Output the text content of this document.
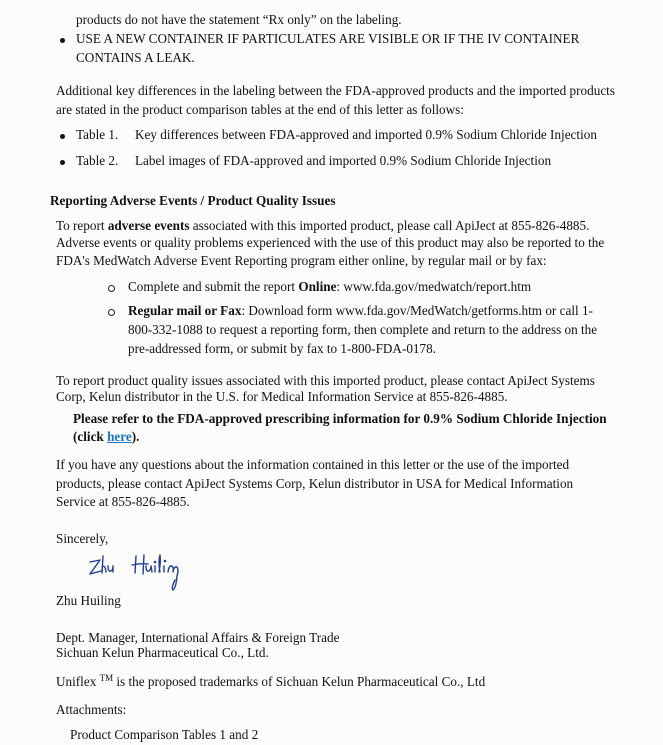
products do not have the statement “Rx only” on the labeling.
USE A NEW CONTAINER IF PARTICULATES ARE VISIBLE OR IF THE IV CONTAINER
CONTAINS A LEAK.
Additional key differences in the labeling between the FDA-approved products and the imported products
are stated in the product comparison tables at the end of this letter as follows:
Table 1. Key differences between FDA-approved and imported 0.9% Sodium Chloride Injection
Table 2. Label images of FDA-approved and imported 0.9% Sodium Chloride Injection
Reporting Adverse Events / Product Quality Issues
To report adverse events associated with this imported product, please call ApiJect at 855-826-4885.
Adverse events or quality problems experienced with the use of this product may also be reported to the
FDA's MedWatch Adverse Event Reporting program either online, by regular mail or by fax:
Complete and submit the report Online: www.fda.gov/medwatch/report.htm
Regular mail or Fax: Download form www.fda.gov/MedWatch/getforms.htm or call 1-
800-332-1088 to request a reporting form, then complete and return to the address on the
pre-addressed form, or submit by fax to 1-800-FDA-0178.
To report product quality issues associated with this imported product, please contact ApiJect Systems
Corp, Kelun distributor in the U.S. for Medical Information Service at 855-826-4885.
Please refer to the FDA-approved prescribing information for 0.9% Sodium Chloride Injection
(click here).
If you have any questions about the information contained in this letter or the use of the imported
products, please contact ApiJect Systems Corp, Kelun distributor in USA for Medical Information
Service at 855-826-4885.
Sincerely,
Zhu Huiling
Dept. Manager, International Affairs & Foreign Trade
Sichuan Kelun Pharmaceutical Co., Ltd.
Uniflex ™ is the proposed trademarks of Sichuan Kelun Pharmaceutical Co., Ltd
Attachments:
Product Comparison Tables 1 and 2
